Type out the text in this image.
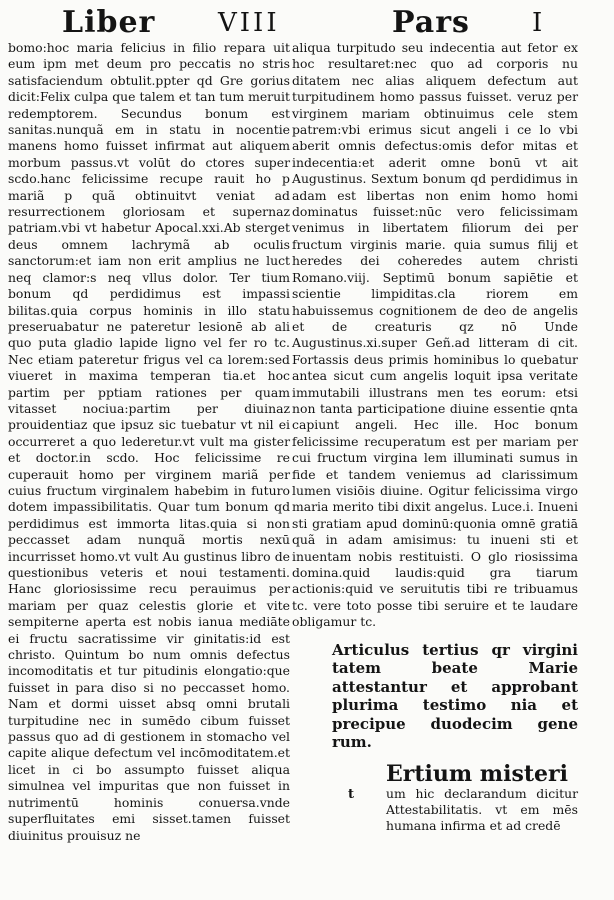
Liber VIII	Pars I

bomo:hoc maria felicius in filio repara uit eum ipm met deum pro peccatis no stris satisfaciendum obtulit.ppter qd Gre gorius dicit:Felix culpa que talem et tan tum meruit redemptorem. Secundus bonum est sanitas.nunquã em in statu in nocentie manens homo fuisset infirmat aut aliquem morbum passus.vt volūt do ctores super scdo.hanc felicissime recupe rauit ho p mariã p quã obtinuitvt veniat ad resurrectionem gloriosam et supernaz patriam.vbi vt habetur Apocal.xxi.Ab sterget deus omnem lachrymã ab oculis sanctorum:et iam non erit amplius ne luct neq clamor:s neq vllus dolor. Ter tium bonum qd perdidimus est impassi bilitas.quia corpus hominis in illo statu preseruabatur ne pateretur lesionē ab ali quo puta gladio lapide ligno vel fer ro tc. Nec etiam pateretur frigus vel ca lorem:sed viueret in maxima temperan tia.et hoc partim per pptiam rationes per quam vitasset nociua:partim per diuinaz prouidentiaz que ipsuz sic tuebatur vt nil ei occurreret a quo lederetur.vt vult ma gister et doctor.in scdo. Hoc felicissime re cuperauit homo per virginem mariã per cuius fructum virginalem habebim in futuro dotem impassibilitatis. Quar tum bonum qd perdidimus est immorta litas.quia si non peccasset adam nunquã mortis nexū incurrisset homo.vt vult Au gustinus libro de questionibus veteris et noui testamenti. Hanc gloriosissime recu perauimus per mariam per quaz celestis glorie et vite sempiterne aperta est nobis ianua mediāte ei fructu sacratissime vir ginitatis:id est christo. Quintum bo num omnis defectus incomoditatis et tur pitudinis elongatio:que fuisset in para diso si no peccasset homo. Nam et dormi uisset absq omni brutali turpitudine nec in sumēdo cibum fuisset passus quo ad di gestionem in stomacho vel capite alique defectum vel incōmoditatem.et licet in ci bo assumpto fuisset aliqua simulnea vel impuritas que non fuisset in nutrimentū hominis conuersa.vnde superfluitates emi sisset.tamen fuisset diuinitus prouisuz ne

aliqua turpitudo seu indecentia aut fetor ex hoc resultaret:nec quo ad corporis nu ditatem nec alias aliquem defectum aut turpitudinem homo passus fuisset. veruz per virginem mariam obtinuimus cele stem patrem:vbi erimus sicut angeli i ce lo vbi aberit omnis defectus:omis defor mitas et indecentia:et aderit omne bonū vt ait Augustinus. Sextum bonum qd perdidimus in adam est libertas non enim homo homi dominatus fuisset:nūc vero felicissimam venimus in libertatem filiorum dei per fructum virginis marie. quia sumus filij et heredes dei coheredes autem christi Romano.viij. Septimū bonum sapiētie et scientie limpiditas.cla riorem em habuissemus cognitionem de deo de angelis et de creaturis qz nō Unde Augustinus.xi.super Geñ.ad litteram di cit. Fortassis deus primis hominibus lo quebatur antea sicut cum angelis loquit ipsa veritate immutabili illustrans men tes eorum: etsi non tanta participatione diuine essentie qnta capiunt angeli. Hec ille. Hoc bonum felicissime recuperatum est per mariam per cui fructum virgina lem illuminati sumus in fide et tandem veniemus ad clarissimum lumen visiōis diuine. Ogitur felicissima virgo maria merito tibi dixit angelus. Luce.i. Inueni sti gratiam apud dominū:quonia omnē gratiā quã in adam amisimus: tu inueni sti et inuentam nobis restituisti. O glo riosissima domina.quid laudis:quid gra tiarum actionis:quid ve seruitutis tibi re tribuamus tc. vere toto posse tibi seruire et te laudare obligamur tc.

Articulus tertius qr virgini tatem beate Marie attestantur et approbant plurima testimo nia et precipue duodecim gene rum.
Ertium misteri
um hic declarandum dicitur Attestabilitatis. vt em mēs humana infirma et ad credē
t
